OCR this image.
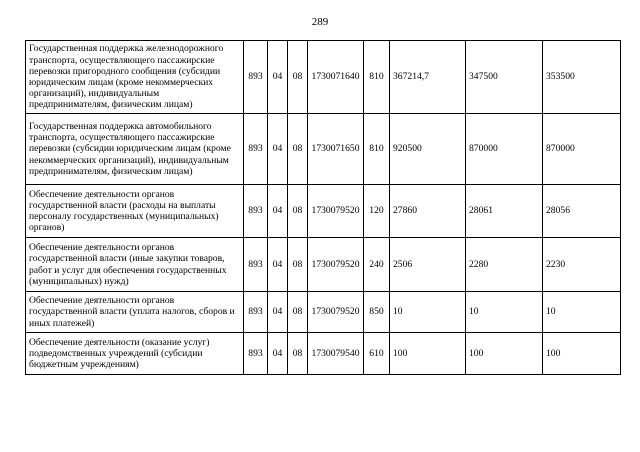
289
Государственная поддержка железнодорожного транспорта, осуществляющего пассажирские перевозки пригородного сообщения (субсидии юридическим лицам (кроме некоммерческих организаций), индивидуальным предпринимателям, физическим лицам)	893	04	08	1730071640	810	367214,7	347500	353500
Государственная поддержка автомобильного транспорта, осуществляющего пассажирские перевозки (субсидии юридическим лицам (кроме некоммерческих организаций), индивидуальным предпринимателям, физическим лицам)	893	04	08	1730071650	810	920500	870000	870000
Обеспечение деятельности органов государственной власти (расходы на выплаты персоналу государственных (муниципальных) органов)	893	04	08	1730079520	120	27860	28061	28056
Обеспечение деятельности органов государственной власти (иные закупки товаров, работ и услуг для обеспечения государственных (муниципальных) нужд)	893	04	08	1730079520	240	2506	2280	2230
Обеспечение деятельности органов государственной власти (уплата налогов, сборов и иных платежей)	893	04	08	1730079520	850	10	10	10
Обеспечение деятельности (оказание услуг) подведомственных учреждений (субсидии бюджетным учреждениям)	893	04	08	1730079540	610	100	100	100
